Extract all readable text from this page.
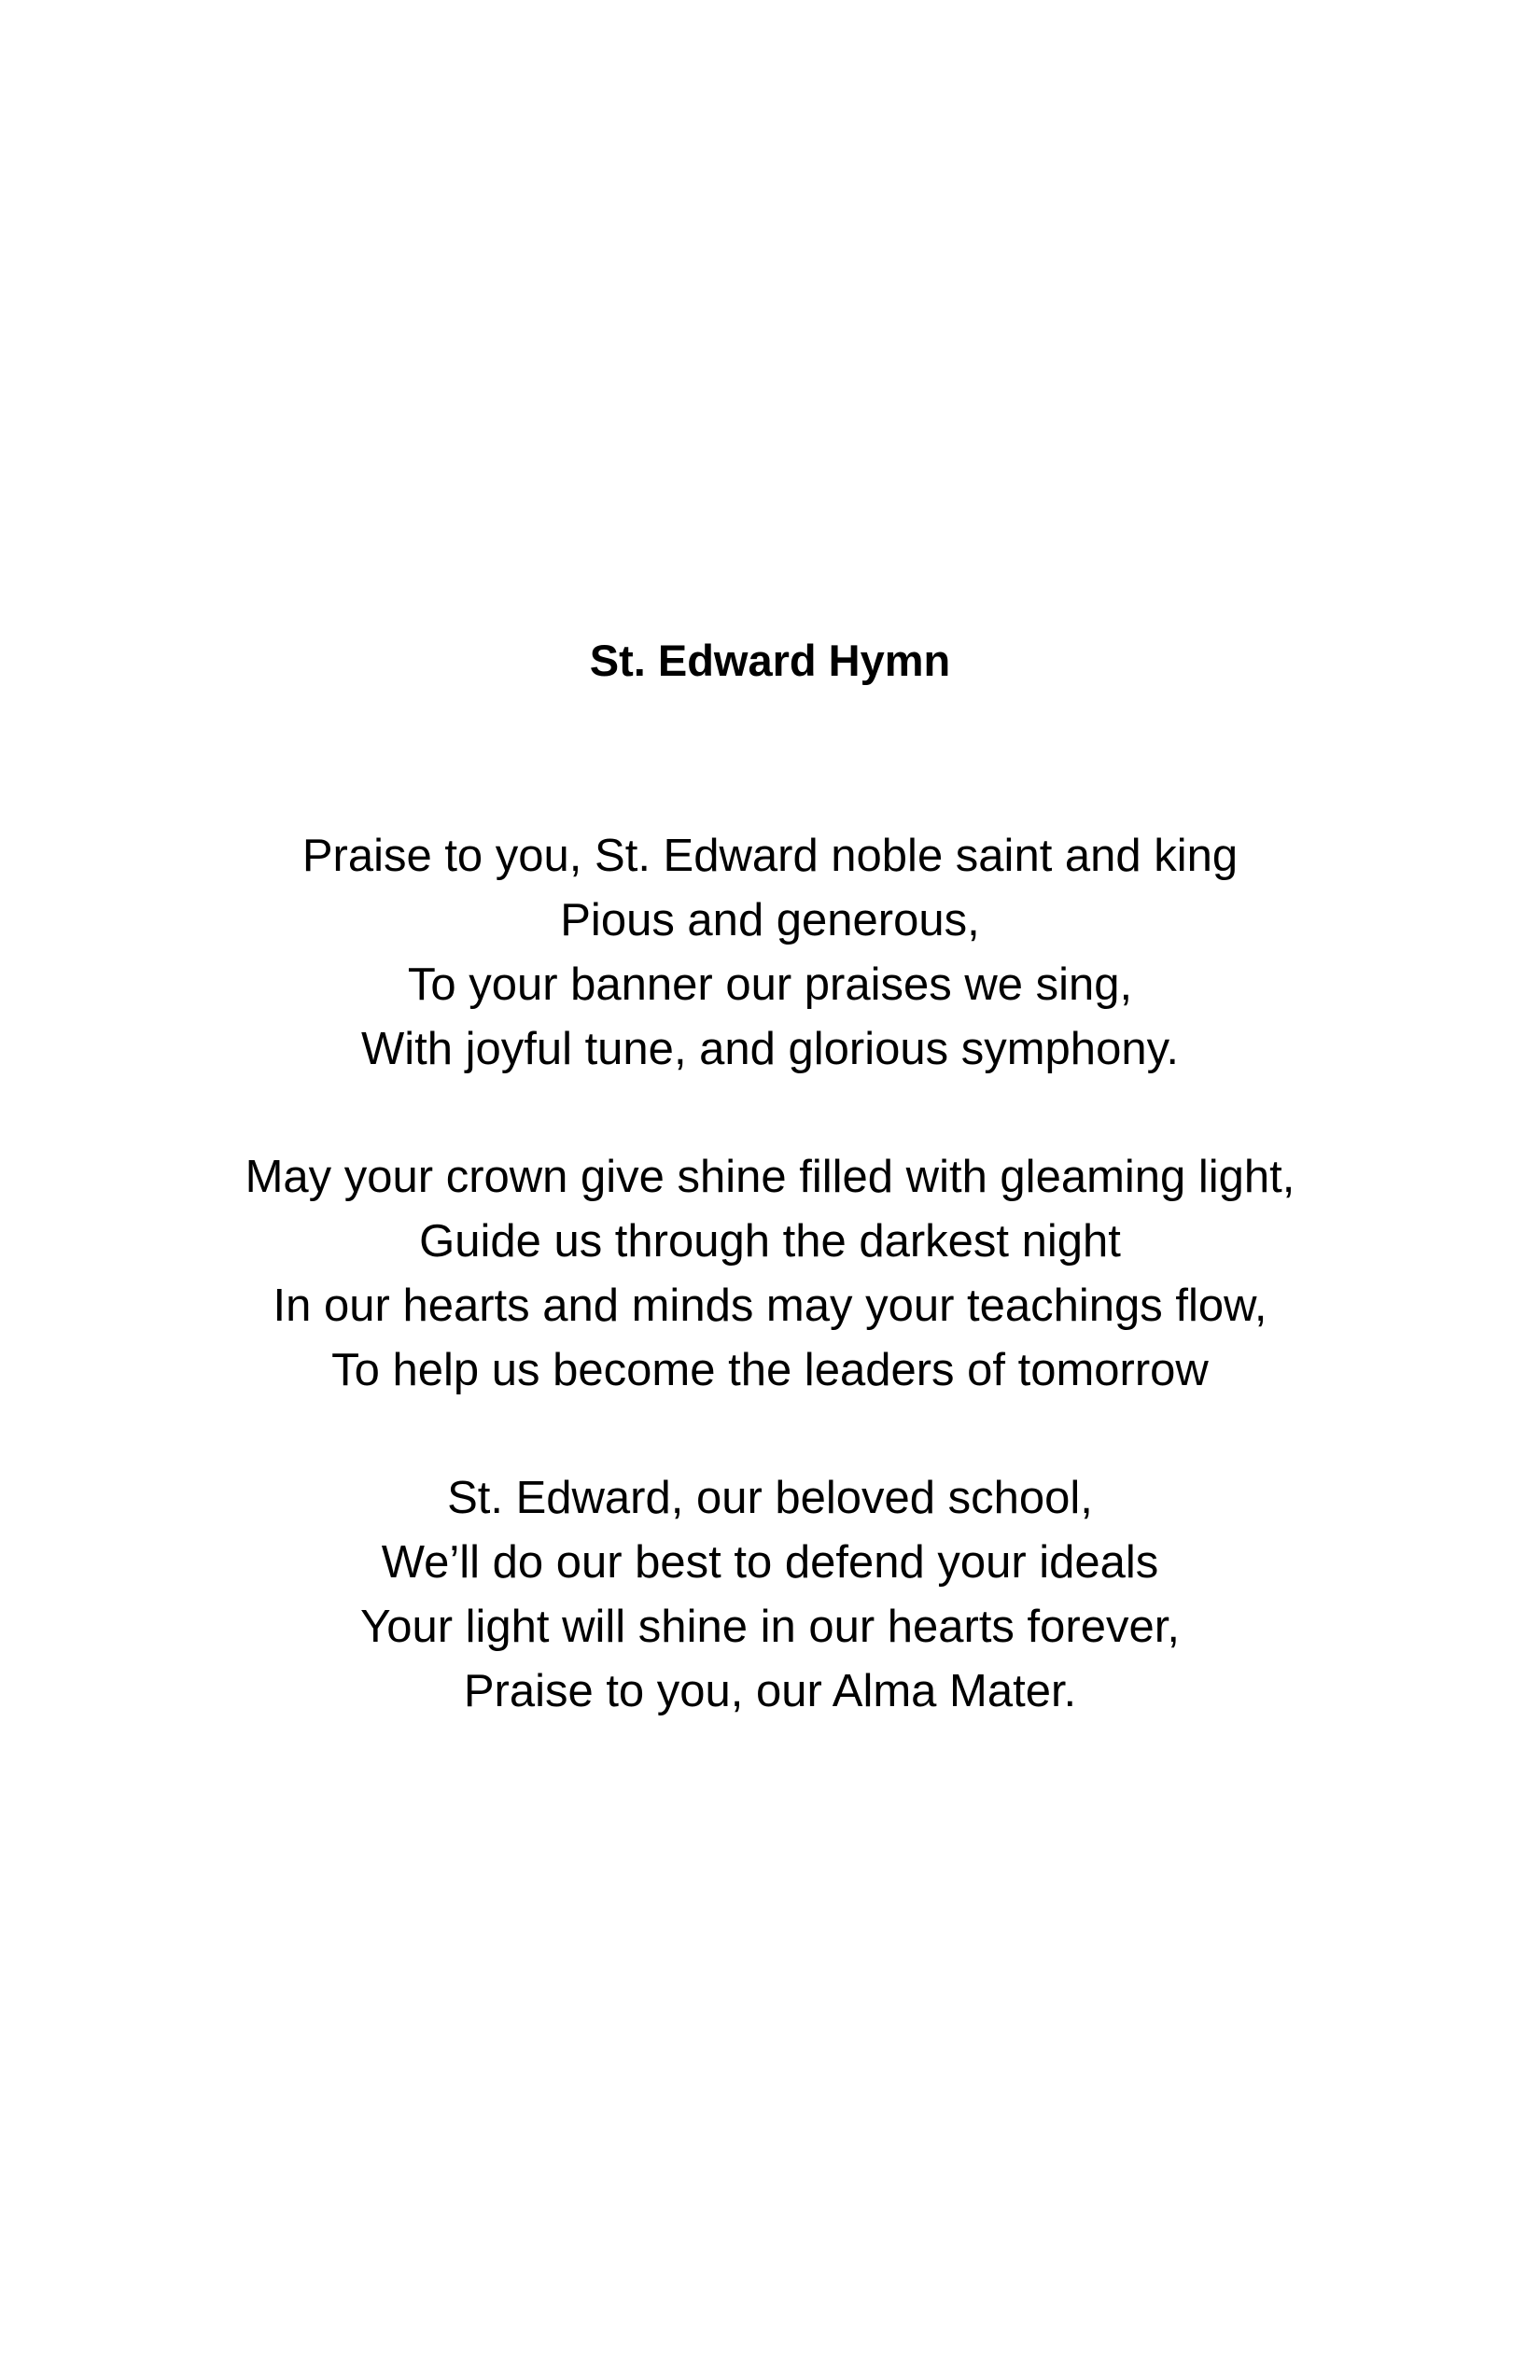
St. Edward Hymn
Praise to you, St. Edward noble saint and king
Pious and generous,
To your banner our praises we sing,
With joyful tune, and glorious symphony.
May your crown give shine filled with gleaming light,
Guide us through the darkest night
In our hearts and minds may your teachings flow,
To help us become the leaders of tomorrow
St. Edward, our beloved school,
We’ll do our best to defend your ideals
Your light will shine in our hearts forever,
Praise to you, our Alma Mater.
